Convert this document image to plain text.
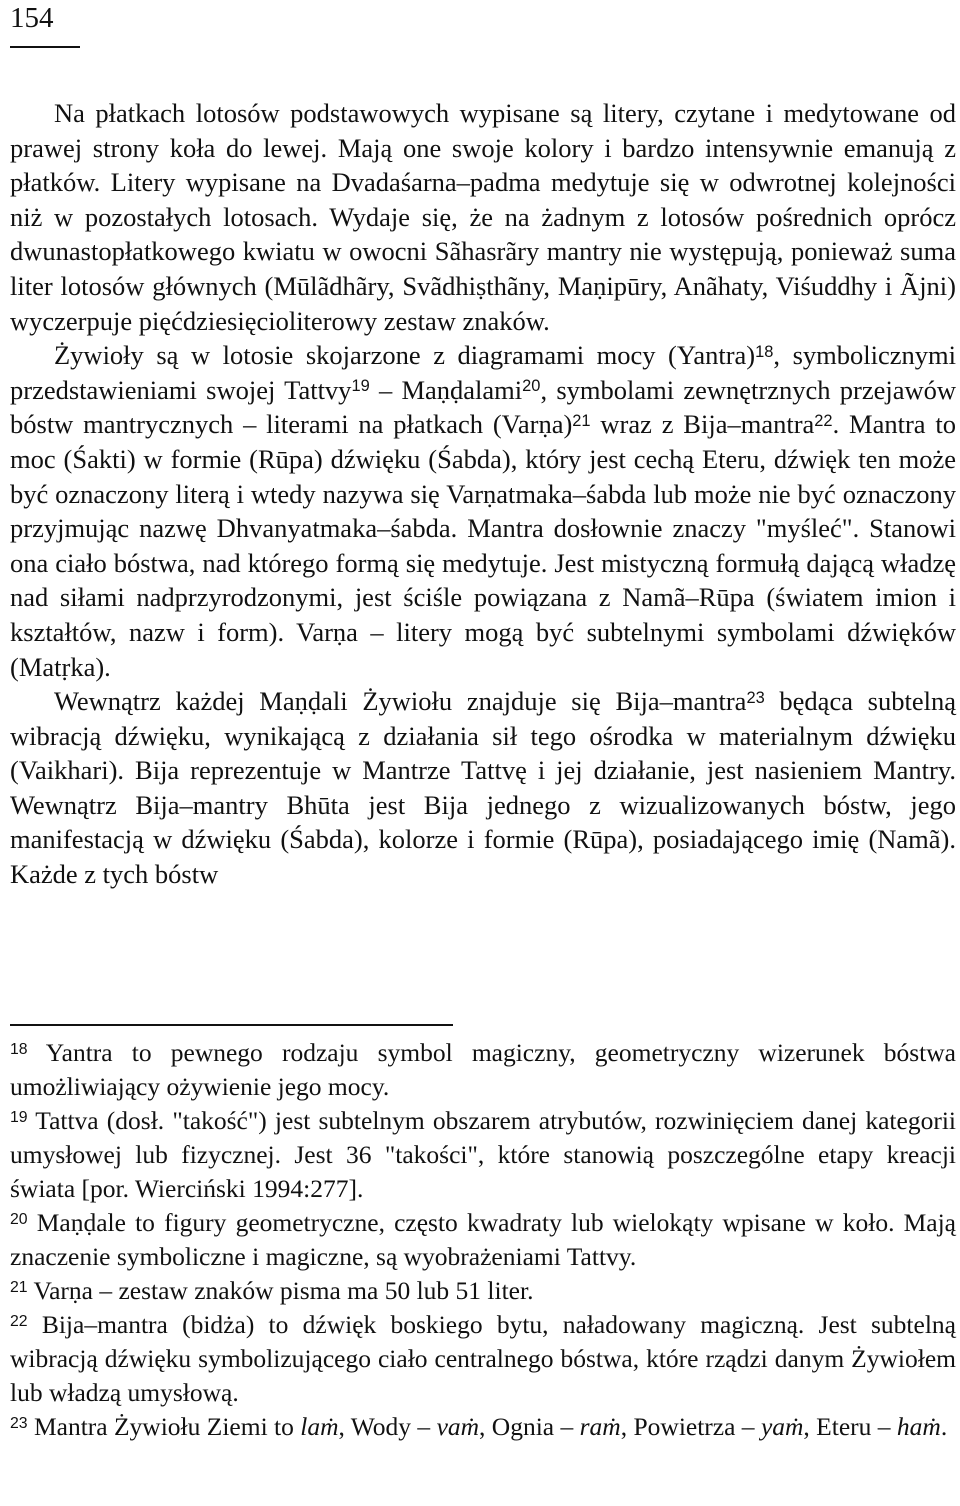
154

Na płatkach lotosów podstawowych wypisane są litery, czytane i medytowane od prawej strony koła do lewej. Mają one swoje kolory i bardzo intensywnie emanują z płatków. Litery wypisane na Dvadaśarna–padma medytuje się w odwrotnej kolejności niż w pozostałych lotosach. Wydaje się, że na żadnym z lotosów pośrednich oprócz dwunastopłatkowego kwiatu w owocni Sãhasrãry mantry nie występują, ponieważ suma liter lotosów głównych (Mūlãdhãry, Svãdhiṣthãny, Maṇipūry, Anãhaty, Viśuddhy i Ãjni) wyczerpuje pięćdziesięcioliterowy zestaw znaków.

Żywioły są w lotosie skojarzone z diagramami mocy (Yantra)$^{18}$, symbolicznymi przedstawieniami swojej Tattvy$^{19}$ – Maṇḍalami$^{20}$, symbolami zewnętrznych przejawów bóstw mantrycznych – literami na płatkach (Varṇa)$^{21}$ wraz z Bija–mantra$^{22}$. Mantra to moc (Śakti) w formie (Rūpa) dźwięku (Śabda), który jest cechą Eteru, dźwięk ten może być oznaczony literą i wtedy nazywa się Varṇatmaka–śabda lub może nie być oznaczony przyjmując nazwę Dhvanyatmaka–śabda. Mantra dosłownie znaczy "myśleć". Stanowi ona ciało bóstwa, nad którego formą się medytuje. Jest mistyczną formułą dającą władzę nad siłami nadprzyrodzonymi, jest ściśle powiązana z Namã–Rūpa (światem imion i kształtów, nazw i form). Varṇa – litery mogą być subtelnymi symbolami dźwięków (Matṛka).

Wewnątrz każdej Maṇḍali Żywiołu znajduje się Bija–mantra$^{23}$ będąca subtelną wibracją dźwięku, wynikającą z działania sił tego ośrodka w materialnym dźwięku (Vaikhari). Bija reprezentuje w Mantrze Tattvę i jej działanie, jest nasieniem Mantry. Wewnątrz Bija–mantry Bhūta jest Bija jednego z wizualizowanych bóstw, jego manifestacją w dźwięku (Śabda), kolorze i formie (Rūpa), posiadającego imię (Namã). Każde z tych bóstw

$^{18}$ Yantra to pewnego rodzaju symbol magiczny, geometryczny wizerunek bóstwa umożliwiający ożywienie jego mocy.

$^{19}$ Tattva (dosł. "takość") jest subtelnym obszarem atrybutów, rozwinięciem danej kategorii umysłowej lub fizycznej. Jest 36 "takości", które stanowią poszczególne etapy kreacji świata [por. Wierciński 1994:277].

$^{20}$ Maṇḍale to figury geometryczne, często kwadraty lub wielokąty wpisane w koło. Mają znaczenie symboliczne i magiczne, są wyobrażeniami Tattvy.

$^{21}$ Varṇa – zestaw znaków pisma ma 50 lub 51 liter.

$^{22}$ Bija–mantra (bidża) to dźwięk boskiego bytu, naładowany magiczną. Jest subtelną wibracją dźwięku symbolizującego ciało centralnego bóstwa, które rządzi danym Żywiołem lub władzą umysłową.

$^{23}$ Mantra Żywiołu Ziemi to laṁ, Wody – vaṁ, Ognia – raṁ, Powietrza – yaṁ, Eteru – haṁ.
